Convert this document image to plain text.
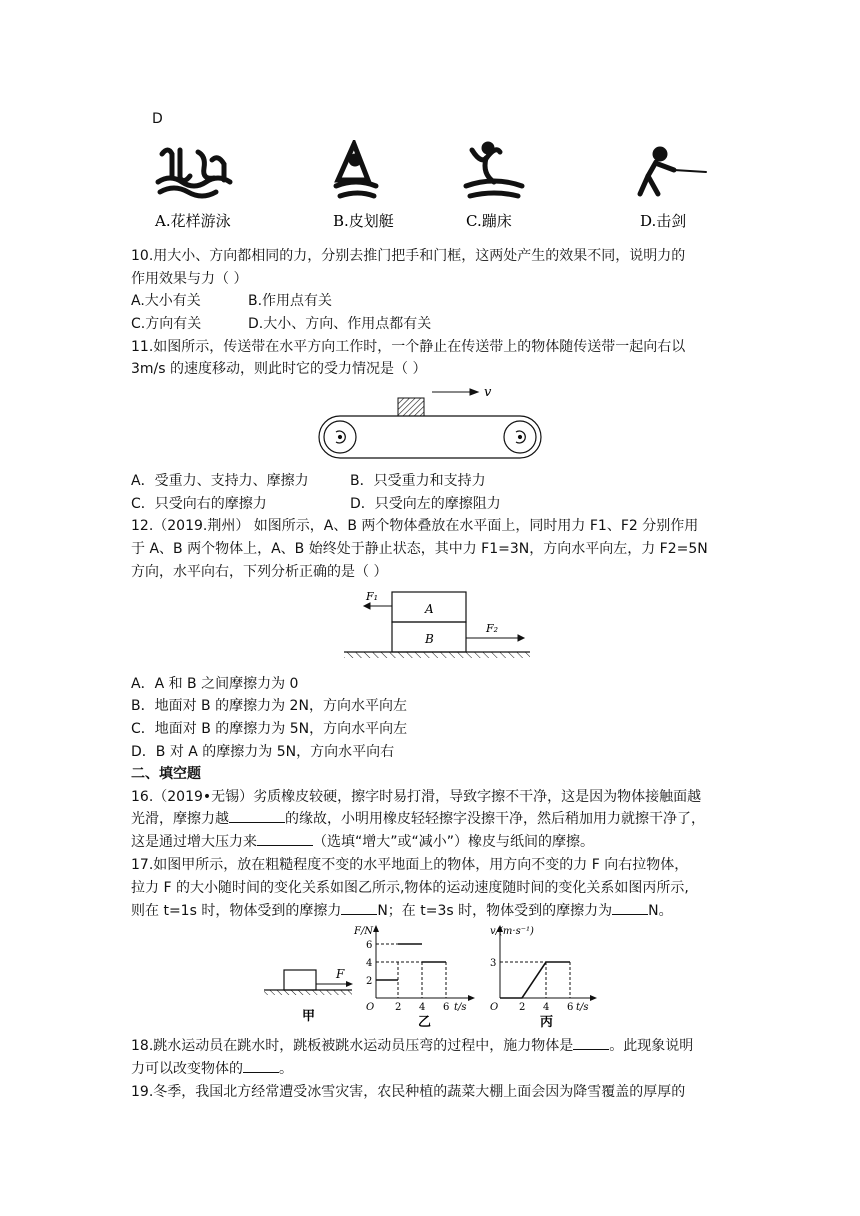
D
A.花样游泳	B.皮划艇	C.蹦床	D.击剑
10.用大小、方向都相同的力，分别去推门把手和门框，这两处产生的效果不同，说明力的
作用效果与力（ ）
A.大小有关	B.作用点有关
C.方向有关	D.大小、方向、作用点都有关
11.如图所示，传送带在水平方向工作时，一个静止在传送带上的物体随传送带一起向右以
3m/s 的速度移动，则此时它的受力情况是（ ）
v
A．受重力、支持力、摩擦力	B．只受重力和支持力
C．只受向右的摩擦力	D．只受向左的摩擦阻力
12.（2019.荆州） 如图所示，A、B 两个物体叠放在水平面上，同时用力 F1、F2 分别作用
于 A、B 两个物体上，A、B 始终处于静止状态，其中力 F1=3N，方向水平向左，力 F2=5N
方向，水平向右，下列分析正确的是（ ）
A
B
F₁
F₂
A．A 和 B 之间摩擦力为 0
B．地面对 B 的摩擦力为 2N，方向水平向左
C．地面对 B 的摩擦力为 5N，方向水平向左
D．B 对 A 的摩擦力为 5N，方向水平向右
二、填空题
16.（2019•无锡）劣质橡皮较硬，擦字时易打滑，导致字擦不干净，这是因为物体接触面越
光滑，摩擦力越	的缘故，小明用橡皮轻轻擦字没擦干净，然后稍加用力就擦干净了，
这是通过增大压力来	（选填“增大”或“减小”）橡皮与纸间的摩擦。
17.如图甲所示，放在粗糙程度不变的水平地面上的物体，用方向不变的力 F 向右拉物体，
拉力 F 的大小随时间的变化关系如图乙所示,物体的运动速度随时间的变化关系如图丙所示,
则在 t=1s 时，物体受到的摩擦力	N；在 t=3s 时，物体受到的摩擦力为	N。
F
甲
F/N
O
6
4
2
2 4 6 t/s
乙
v/(m·s⁻¹)
O
3
2 4 6 t/s
丙
18.跳水运动员在跳水时，跳板被跳水运动员压弯的过程中，施力物体是	。此现象说明
力可以改变物体的	。
19.冬季，我国北方经常遭受冰雪灾害，农民种植的蔬菜大棚上面会因为降雪覆盖的厚厚的
